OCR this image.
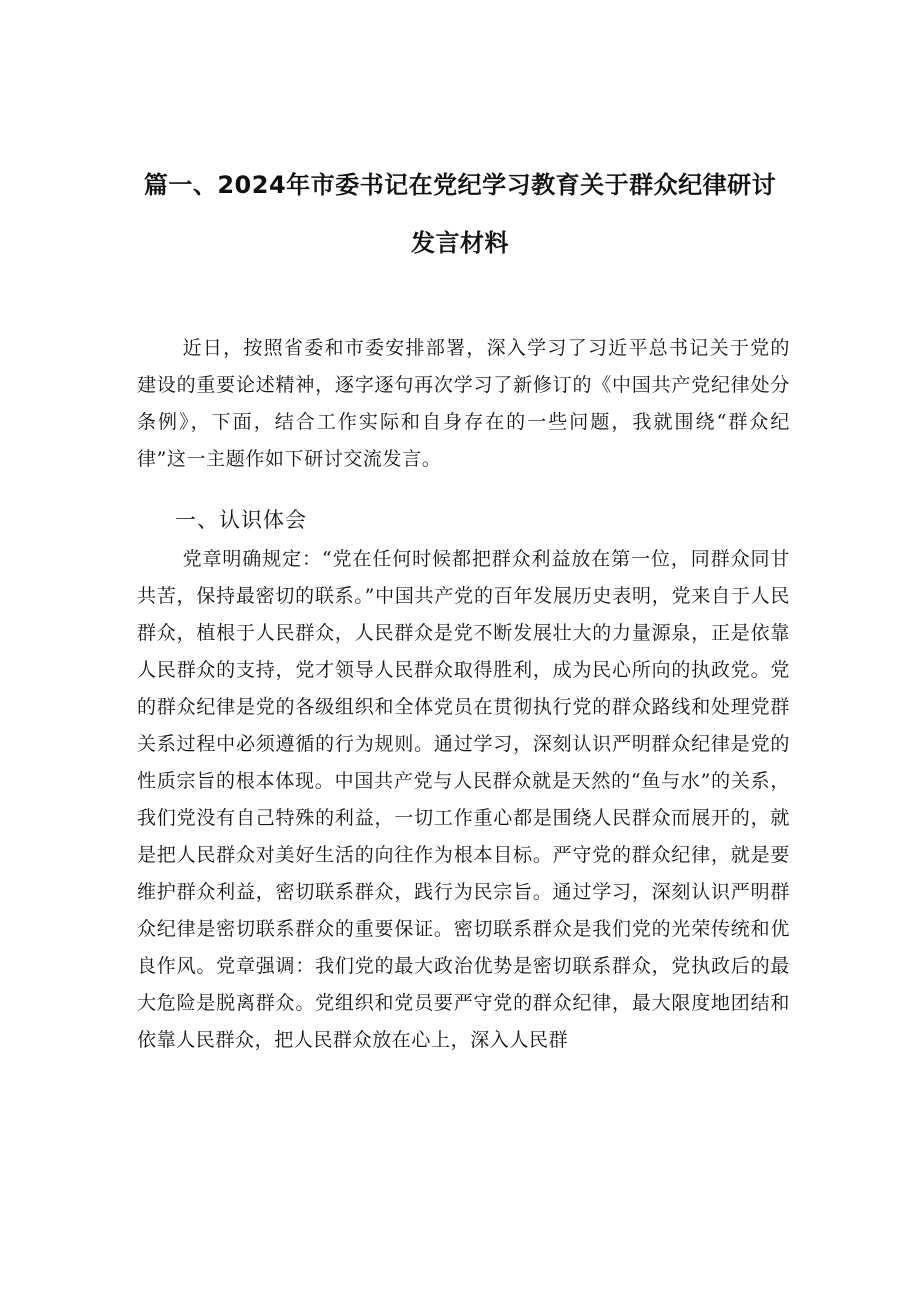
篇一、2024年市委书记在党纪学习教育关于群众纪律研讨
发言材料

近日，按照省委和市委安排部署，深入学习了习近平总书记关于党的建设的重要论述精神，逐字逐句再次学习了新修订的《中国共产党纪律处分条例》，下面，结合工作实际和自身存在的一些问题，我就围绕“群众纪律”这一主题作如下研讨交流发言。

一、认识体会

党章明确规定：“党在任何时候都把群众利益放在第一位，同群众同甘共苦，保持最密切的联系。”中国共产党的百年发展历史表明，党来自于人民群众，植根于人民群众，人民群众是党不断发展壮大的力量源泉，正是依靠人民群众的支持，党才领导人民群众取得胜利，成为民心所向的执政党。党的群众纪律是党的各级组织和全体党员在贯彻执行党的群众路线和处理党群关系过程中必须遵循的行为规则。通过学习，深刻认识严明群众纪律是党的性质宗旨的根本体现。中国共产党与人民群众就是天然的“鱼与水”的关系，我们党没有自己特殊的利益，一切工作重心都是围绕人民群众而展开的，就是把人民群众对美好生活的向往作为根本目标。严守党的群众纪律，就是要维护群众利益，密切联系群众，践行为民宗旨。通过学习，深刻认识严明群众纪律是密切联系群众的重要保证。密切联系群众是我们党的光荣传统和优良作风。党章强调：我们党的最大政治优势是密切联系群众，党执政后的最大危险是脱离群众。党组织和党员要严守党的群众纪律，最大限度地团结和依靠人民群众，把人民群众放在心上，深入人民群
